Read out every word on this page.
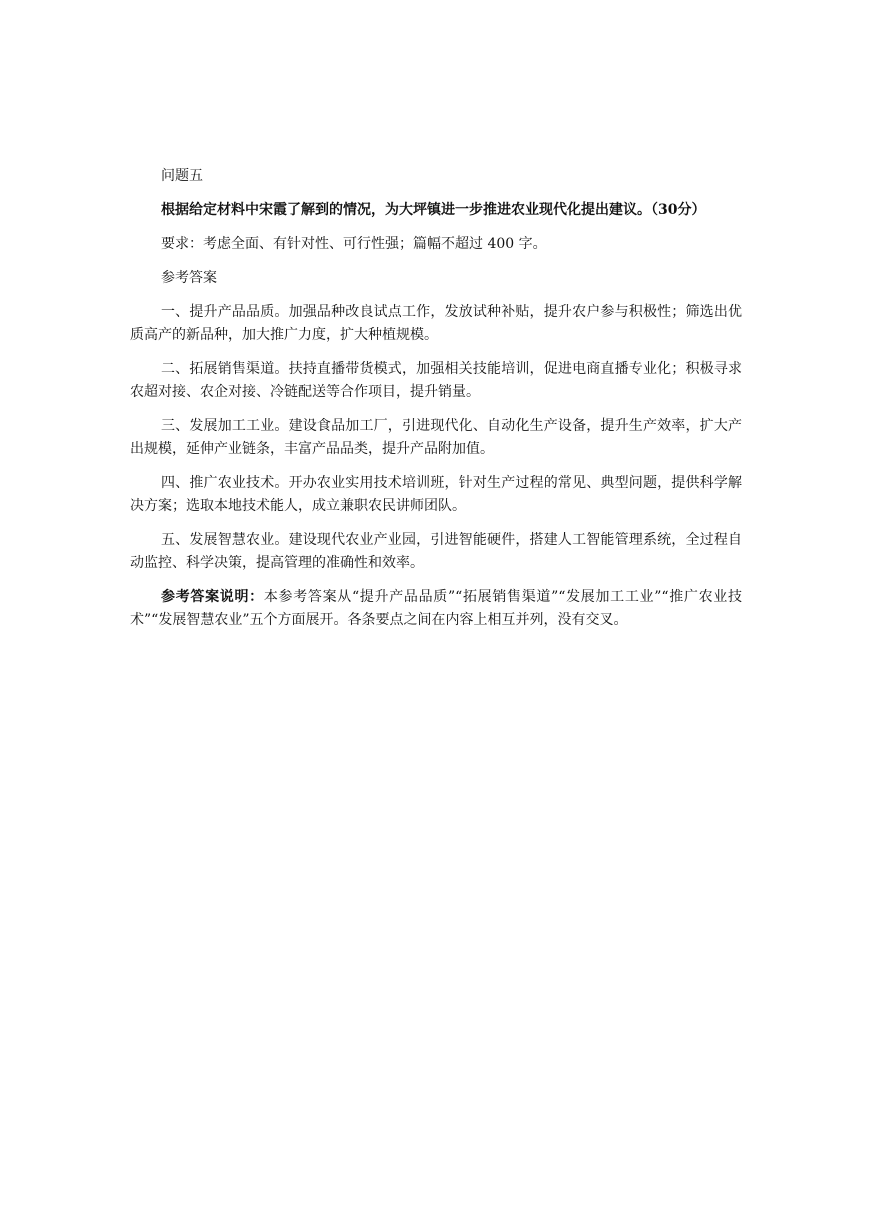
问题五

根据给定材料中宋霞了解到的情况，为大坪镇进一步推进农业现代化提出建议。（30分）

要求：考虑全面、有针对性、可行性强；篇幅不超过 400 字。

参考答案

一、提升产品品质。加强品种改良试点工作，发放试种补贴，提升农户参与积极性；筛选出优质高产的新品种，加大推广力度，扩大种植规模。

二、拓展销售渠道。扶持直播带货模式，加强相关技能培训，促进电商直播专业化；积极寻求农超对接、农企对接、冷链配送等合作项目，提升销量。

三、发展加工工业。建设食品加工厂，引进现代化、自动化生产设备，提升生产效率，扩大产出规模，延伸产业链条，丰富产品品类，提升产品附加值。

四、推广农业技术。开办农业实用技术培训班，针对生产过程的常见、典型问题，提供科学解决方案；选取本地技术能人，成立兼职农民讲师团队。

五、发展智慧农业。建设现代农业产业园，引进智能硬件，搭建人工智能管理系统，全过程自动监控、科学决策，提高管理的准确性和效率。

参考答案说明：本参考答案从“提升产品品质”“拓展销售渠道”“发展加工工业”“推广农业技术”“发展智慧农业”五个方面展开。各条要点之间在内容上相互并列，没有交叉。
